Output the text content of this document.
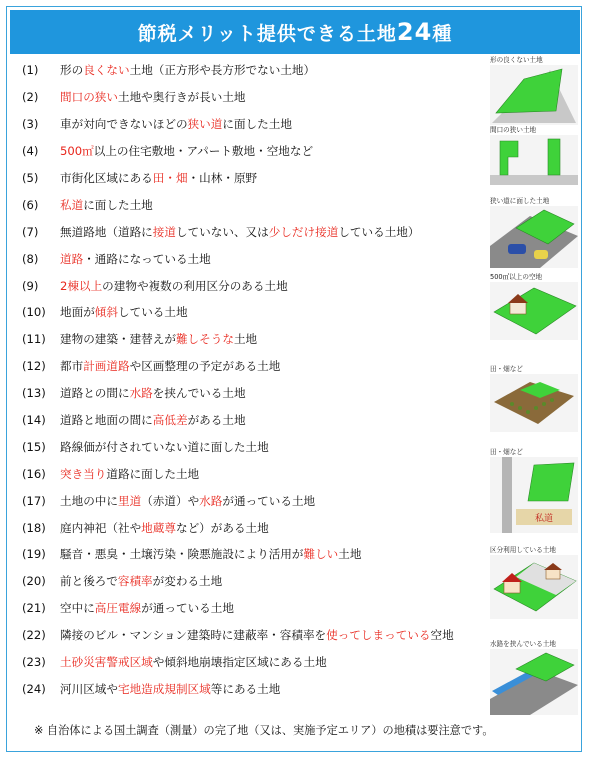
節税メリット提供できる土地 24 種
(1)	形の良くない土地（正方形や長方形でない土地）
(2)	間口の狭い土地や奥行きが長い土地
(3)	車が対向できないほどの狭い道に面した土地
(4)	500㎡以上の住宅敷地・アパート敷地・空地など
(5)	市街化区域にある田・畑・山林・原野
(6)	私道に面した土地
(7)	無道路地（道路に接道していない、又は少しだけ接道している土地）
(8)	道路・通路になっている土地
(9)	2棟以上の建物や複数の利用区分のある土地
(10)	地面が傾斜している土地
(11)	建物の建築・建替えが難しそうな土地
(12)	都市計画道路や区画整理の予定がある土地
(13)	道路との間に水路を挟んでいる土地
(14)	道路と地面の間に高低差がある土地
(15)	路線価が付されていない道に面した土地
(16)	突き当り道路に面した土地
(17)	土地の中に里道（赤道）や水路が通っている土地
(18)	庭内神祀（社や地蔵尊など）がある土地
(19)	騒音・悪臭・土壌汚染・険悪施設により活用が難しい土地
(20)	前と後ろで容積率が変わる土地
(21)	空中に高圧電線が通っている土地
(22)	隣接のビル・マンション建築時に建蔽率・容積率を使ってしまっている空地
(23)	土砂災害警戒区域や傾斜地崩壊指定区域にある土地
(24)	河川区域や宅地造成規制区域等にある土地
※ 自治体による国土調査（測量）の完了地（又は、実施予定エリア）の地積は要注意です。
形の良くない土地
間口の狭い土地
狭い道に面した土地
500㎡以上の空地
田・畑など
田・畑など
私道
区分利用している土地
水路を挟んでいる土地
